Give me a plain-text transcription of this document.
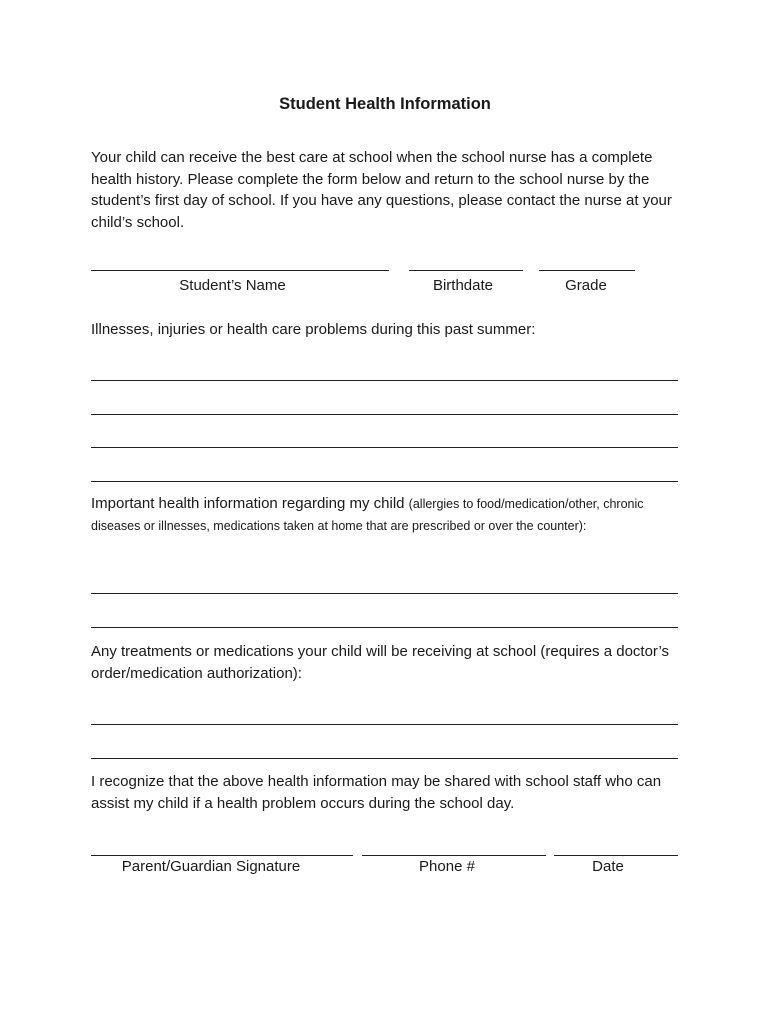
Student Health Information

Your child can receive the best care at school when the school nurse has a complete health history. Please complete the form below and return to the school nurse by the student’s first day of school. If you have any questions, please contact the nurse at your child’s school.

Student’s Name	Birthdate	Grade

Illnesses, injuries or health care problems during this past summer:

Important health information regarding my child (allergies to food/medication/other, chronic diseases or illnesses, medications taken at home that are prescribed or over the counter):

Any treatments or medications your child will be receiving at school (requires a doctor’s order/medication authorization):

I recognize that the above health information may be shared with school staff who can assist my child if a health problem occurs during the school day.

Parent/Guardian Signature	Phone #	Date
